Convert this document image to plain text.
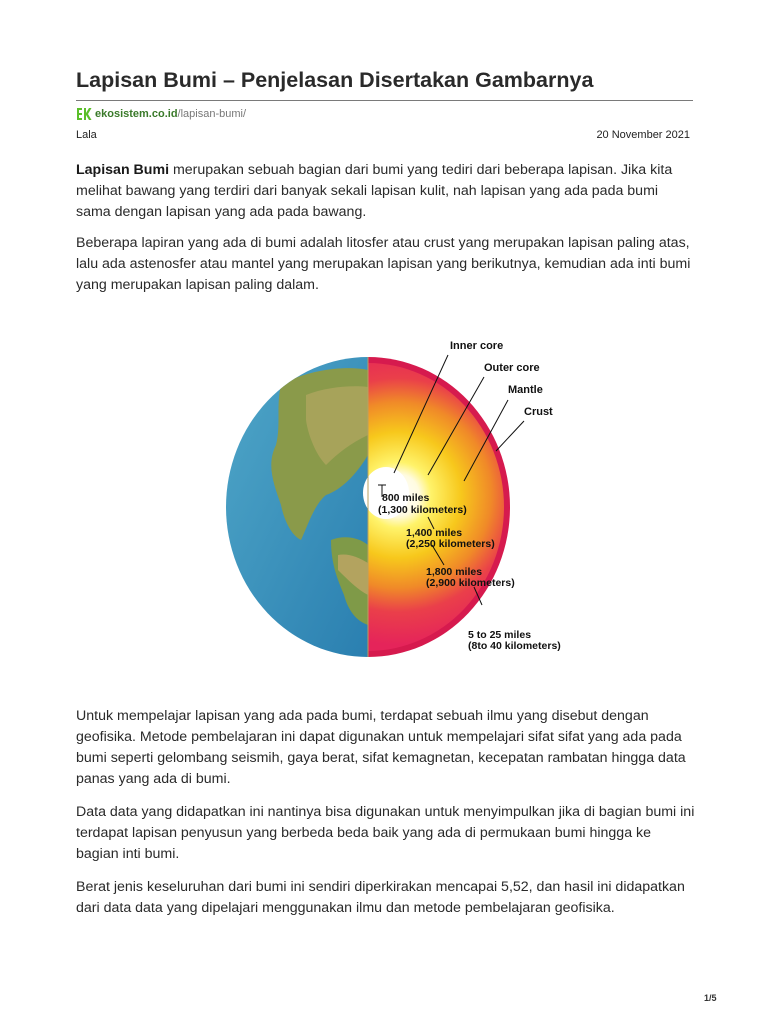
Lapisan Bumi – Penjelasan Disertakan Gambarnya
ekosistem.co.id /lapisan-bumi/
Lala	20 November 2021

Lapisan Bumi merupakan sebuah bagian dari bumi yang tediri dari beberapa lapisan. Jika kita melihat bawang yang terdiri dari banyak sekali lapisan kulit, nah lapisan yang ada pada bumi sama dengan lapisan yang ada pada bawang.

Beberapa lapiran yang ada di bumi adalah litosfer atau crust yang merupakan lapisan paling atas, lalu ada astenosfer atau mantel yang merupakan lapisan yang berikutnya, kemudian ada inti bumi yang merupakan lapisan paling dalam.

Inner core
Outer core
Mantle
Crust
800 miles
(1,300 kilometers)
1,400 miles
(2,250 kilometers)
1,800 miles
(2,900 kilometers)
5 to 25 miles
(8to 40 kilometers)

Untuk mempelajar lapisan yang ada pada bumi, terdapat sebuah ilmu yang disebut dengan geofisika. Metode pembelajaran ini dapat digunakan untuk mempelajari sifat sifat yang ada pada bumi seperti gelombang seismih, gaya berat, sifat kemagnetan, kecepatan rambatan hingga data panas yang ada di bumi.

Data data yang didapatkan ini nantinya bisa digunakan untuk menyimpulkan jika di bagian bumi ini terdapat lapisan penyusun yang berbeda beda baik yang ada di permukaan bumi hingga ke bagian inti bumi.

Berat jenis keseluruhan dari bumi ini sendiri diperkirakan mencapai 5,52, dan hasil ini didapatkan dari data data yang dipelajari menggunakan ilmu dan metode pembelajaran geofisika.

1/5
